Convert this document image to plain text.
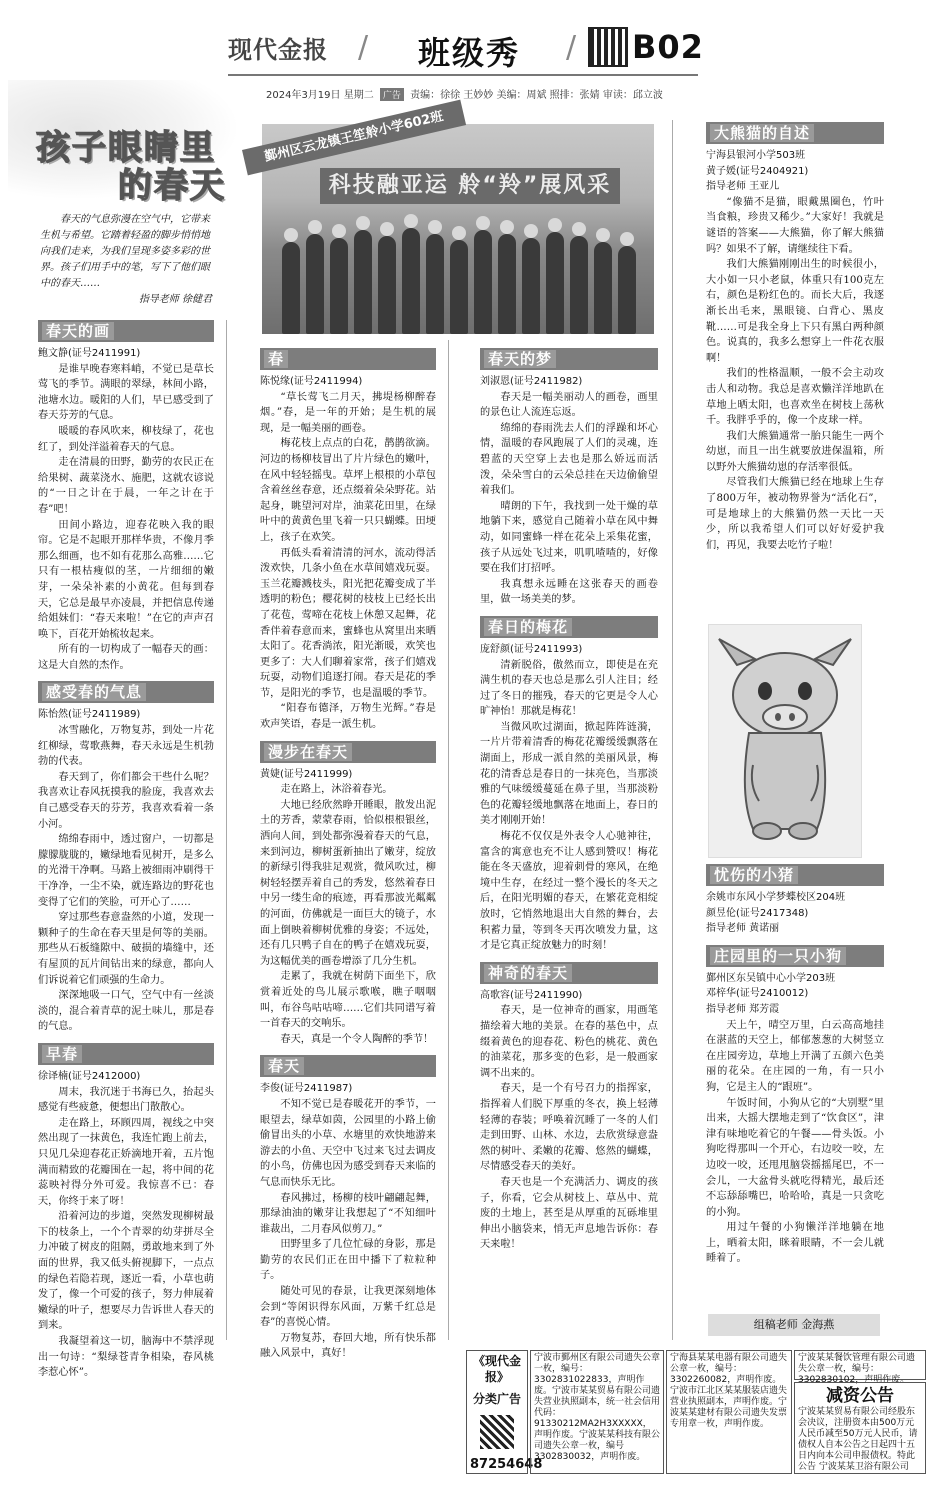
现代金报 / 班级秀 / B02
2024年3月19日 星期二 广告 责编：徐徐 王妙妙 美编：周斌 照排：张婧 审读：邱立波
孩子眼睛里
的春天	科技融亚运 舲“羚”展风采
鄞州区云龙镇王笙舲小学602班
春天的气息弥漫在空气中，它带来生机与希望。它踏着轻盈的脚步悄悄地向我们走来，为我们呈现多姿多彩的世界。孩子们用手中的笔，写下了他们眼中的春天……
指导老师 徐健君
春天的画

鲍文静(证号2411991)

是谁早晚春寒料峭，不觉已是草长莺飞的季节。满眼的翠绿，林间小路，池塘水边。暖阳的人们，早已感受到了春天芬芳的气息。

暖暖的春风吹来，柳枝绿了，花也红了，到处洋溢着春天的气息。

走在清晨的田野，勤劳的农民正在给果树、蔬菜浇水、施肥，这就农谚说的“一日之计在于晨，一年之计在于春”吧！

田间小路边，迎春花映入我的眼帘。它是不起眼开那样华贵，不像月季那么细画，也不如有花那么高雅……它只有一根枯瘦似的茎，一片细细的嫩芽，一朵朵补素的小黄花。但每到春天，它总是最早亦凌晨，并把信息传递给姐妹们：“春天来啦！”在它的声声召唤下，百花开始梳妆起来。

所有的一切构成了一幅春天的画：这是大自然的杰作。

感受春的气息

陈怡然(证号2411989)

冰雪融化，万物复苏，到处一片花红柳绿，莺歌燕舞，春天永远是生机勃勃的代表。

春天到了，你们都会干些什么呢？我喜欢让春风抚摸我的脸庞，我喜欢去自己感受春天的芬芳，我喜欢看着一条小河。

绵绵春雨中，透过窗户，一切都是朦朦胧胧的，嫩绿地看见树开，是多么的光滑干净啊。马路上被细雨冲刷得干干净净，一尘不染，就连路边的野花也变得了它们的笑脸，可开心了……

穿过那些春意盎然的小道，发现一颗种子的生命在春天里是何等的美丽。那些从石板缝隙中、破损的墙缝中，还有屋顶的瓦片间钻出来的绿意，都向人们诉说着它们顽强的生命力。

深深地吸一口气，空气中有一丝淡淡的，混合着青草的泥土味儿，那是春的气息。

早春

徐译楠(证号2412000)

周末，我沉迷于书海已久，抬起头感觉有些疲惫，便想出门散散心。

走在路上，环顾四周，视线之中突然出现了一抹黄色，我连忙跑上前去，只见几朵迎春花正娇滴地开着，五片饱满而精致的花瓣围在一起，将中间的花蕊映衬得分外可爱。我惊喜不已：春天，你终于来了呀！

沿着河边的步道，突然发现柳树最下的枝条上，一个个青翠的幼芽拼尽全力冲破了树皮的阻隔，勇敢地来到了外面的世界，我又低头俯视脚下，一点点的绿色若隐若现，逐近一看，小草也萌发了，像一个可爱的孩子，努力伸展着嫩绿的叶子，想要尽力告诉世人春天的到来。

我凝望着这一切，脑海中不禁浮现出一句诗：“梨绿苍青争相染，春风桃李惹心怀”。

春

陈悦缘(证号2411994)

“草长莺飞二月天，拂堤杨柳醉春烟。”春，是一年的开始；是生机的展现，是一幅美丽的画卷。

梅花枝上点点的白花，鹊鹊欲滴。河边的杨柳枝冒出了片片绿色的嫩叶，在风中轻轻摇曳。草坪上根根的小草包含着丝丝春意，还点缀着朵朵野花。站起身，眺望河对岸，油菜花田里，在绿叶中的黄黄色里飞着一只只蝴蝶。田埂上，孩子在欢笑。

再低头看着清清的河水，流动得活泼欢快，几条小鱼在水草间嬉戏玩耍。玉兰花瓣溅枝头，阳光把花瓣变成了半透明的粉色；樱花树的枝枝上已经长出了花苞，莺啼在花枝上休憩又起舞，花香伴着春意而来，蜜蜂也从窝里出来晒太阳了。花香淌浓，阳光渐暖，欢笑也更多了：大人们聊着家常，孩子们嬉戏玩耍，动物们追逐打闹。春天是花的季节，是阳光的季节，也是温暖的季节。

“阳春布德泽，万物生光辉。”春是欢声笑语，春是一派生机。

漫步在春天

黄婕(证号2411999)

走在路上，沐浴着春光。

大地已经欣然睁开睡眼，散发出泥土的芳香，蒙蒙春雨，恰似根根银丝，洒向人间，到处都弥漫着春天的气息，来到河边，柳树蛋新抽出了嫩芽，绽放的新绿引得我驻足观赏，微风吹过，柳树轻轻摆弄着自己的秀发，悠然着春日中另一缕生命的痕迹，再看那波光粼粼的河面，仿佛就是一面巨大的镜子，水面上倒映着柳树优雅的身姿；不远处，还有几只鸭子自在的鸭子在嬉戏玩耍，为这幅优美的画卷增添了几分生机。

走累了，我就在树荫下面坐下，欣赏着近处的鸟儿展示歌喉，瞧子咽咽叫，布谷鸟咕咕啼……它们共同谱写着一首春天的交响乐。

春天，真是一个令人陶醉的季节！

春天

李俊(证号2411987)

不知不觉已是春暖花开的季节，一眼望去，绿草如茵，公园里的小路上偷偷冒出头的小草、水塘里的欢快地游来游去的小鱼、天空中飞过来飞过去调皮的小鸟，仿佛也因为感受到春天来临的气息而快乐无比。

春风拂过，杨柳的枝叶翩翩起舞，那绿油油的嫩芽让我想起了“不知细叶谁裁出，二月春风似剪刀。”

田野里多了几位忙碌的身影，那是勤劳的农民们正在田中播下了粒粒种子。

随处可见的春景，让我更深刻地体会到“等闲识得东风面，万紫千红总是春”的喜悦心情。

万物复苏，春回大地，所有快乐都融入风景中，真好！

春天的梦

刘淑恩(证号2411982)

春天是一幅美丽动人的画卷，画里的景色让人流连忘返。

绵绵的春雨洗去人们的浮躁和坏心情，温暖的春风跑展了人们的灵魂，连碧蓝的天空穿上去也是那么娇远而活泼，朵朵雪白的云朵总挂在天边偷偷望着我们。

晴朗的下午，我找到一处干燥的草地躺下来，感觉自己随着小草在风中舞动，如同蜜蜂一样在花朵上采集花蜜，孩子从远处飞过来，叽叽喳喳的，好像要在我们打招呼。

我真想永远睡在这张春天的画卷里，做一场美美的梦。

春日的梅花

庞舒颜(证号2411993)

清新脱俗，傲然而立，即使是在充满生机的春天也总是那么引人注目；经过了冬日的摧残，春天的它更是令人心旷神怡！那就是梅花！

当微风吹过湖面，掀起阵阵涟漪，一片片带着清香的梅花花瓣缓缓飘落在湖面上，形成一派自然的美丽风景，梅花的清香总是春日的一抹亮色，当那淡雅的气味缓缓蔓延在鼻子里，当那淡粉色的花瓣轻缓地飘落在地面上，春日的美才刚刚开始！

梅花不仅仅是外表令人心驰神往，富含的寓意也充不让人感到赞叹！梅花能在冬天盛放，迎着刺骨的寒风，在绝境中生存，在经过一整个漫长的冬天之后，在阳光明媚的春天，在繁花竞相绽放时，它悄然地退出大自然的舞台，去积蓄力量，等到冬天再次喷发力量，这才是它真正绽放魅力的时刻！

神奇的春天

高歌容(证号2411990)

春天，是一位神奇的画家，用画笔描绘着大地的美景。在春的基色中，点缀着黄色的迎春花、粉色的桃花、黄色的油菜花，那多变的色彩，是一般画家调不出来的。

春天，是一个有号召力的指挥家，指挥着人们脱下厚重的冬衣，换上轻薄轻薄的春装；呼唤着沉睡了一冬的人们走到田野、山林、水边，去欣赏绿意盎然的树叶、柔嫩的花瓣、悠然的蝴蝶，尽情感受春天的美好。

春天也是一个充满活力、调皮的孩子，你看，它会从树枝上、草丛中、荒废的土地上，甚至是从厚重的瓦砾堆里伸出小脑袋来，悄无声息地告诉你：春天来啦！

大熊猫的自述

宁海县银河小学503班

黄子媛(证号2404921)

指导老师 王亚儿

“像猫不是猫，眼戴黑圈色，竹叶当食粮，珍贵又稀少。”大家好！我就是谜语的答案——大熊猫，你了解大熊猫吗？如果不了解，请继续往下看。

我们大熊猫刚刚出生的时候很小，大小如一只小老鼠，体重只有100克左右，颜色是粉红色的。而长大后，我逐渐长出毛来，黑眼镜、白背心、黑皮靴……可是我全身上下只有黑白两种颜色。说真的，我多么想穿上一件花衣服啊！

我们的性格温顺，一般不会主动攻击人和动物。我总是喜欢懒洋洋地趴在草地上晒太阳，也喜欢坐在树枝上荡秋千。我胖乎乎的，像一个皮球一样。

我们大熊猫通常一胎只能生一两个幼崽，而且一出生就要放进保温箱，所以野外大熊猫幼崽的存活率很低。

尽管我们大熊猫已经在地球上生存了800万年，被动物界誉为“活化石”，可是地球上的大熊猫仍然一天比一天少，所以我希望人们可以好好爱护我们，再见，我要去吃竹子啦！

忧伤的小猪

余姚市东风小学梦蝶校区204班

颜昱伦(证号2417348)

指导老师 黄诺丽

庄园里的一只小狗

鄞州区东吴镇中心小学203班

邓梓华(证号2410012)

指导老师 郑芳霞

天上午，晴空万里，白云高高地挂在湛蓝的天空上，郁郁葱葱的大树竖立在庄园旁边，草地上开满了五颜六色美丽的花朵。在庄园的一角，有一只小狗，它是主人的“跟班”。

午饭时间，小狗从它的“大别墅”里出来，大摇大摆地走到了“饮食区”，津津有味地吃着它的午餐——骨头饭。小狗吃得那叫一个开心，右边咬一咬，左边咬一咬，还甩甩脑袋摇摇尾巴，不一会儿，一大盆骨头就吃得精光，最后还不忘舔舔嘴巴，哈哈哈，真是一只贪吃的小狗。

用过午餐的小狗懒洋洋地躺在地上，晒着太阳，眯着眼睛，不一会儿就睡着了。

组稿老师 金海燕
《现代金报》
分类广告
87254648
宁波市鄞州区有限公司遗失公章一枚，编号：3302831022833，声明作废。宁波市某某贸易有限公司遗失营业执照副本，统一社会信用代码：91330212MA2H3XXXXX，声明作废。宁波某某科技有限公司遗失公章一枚，编号3302830032，声明作废。
宁海县某某电器有限公司遗失公章一枚，编号：3302260082，声明作废。宁波市江北区某某服装店遗失营业执照副本，声明作废。宁波某某建材有限公司遗失发票专用章一枚，声明作废。
宁波某某餐饮管理有限公司遗失公章一枚，编号：3302830102，声明作废。
减资公告
宁波某某贸易有限公司经股东会决议，注册资本由500万元人民币减至50万元人民币，请债权人自本公告之日起四十五日内向本公司申报债权。特此公告 宁波某某卫浴有限公司
